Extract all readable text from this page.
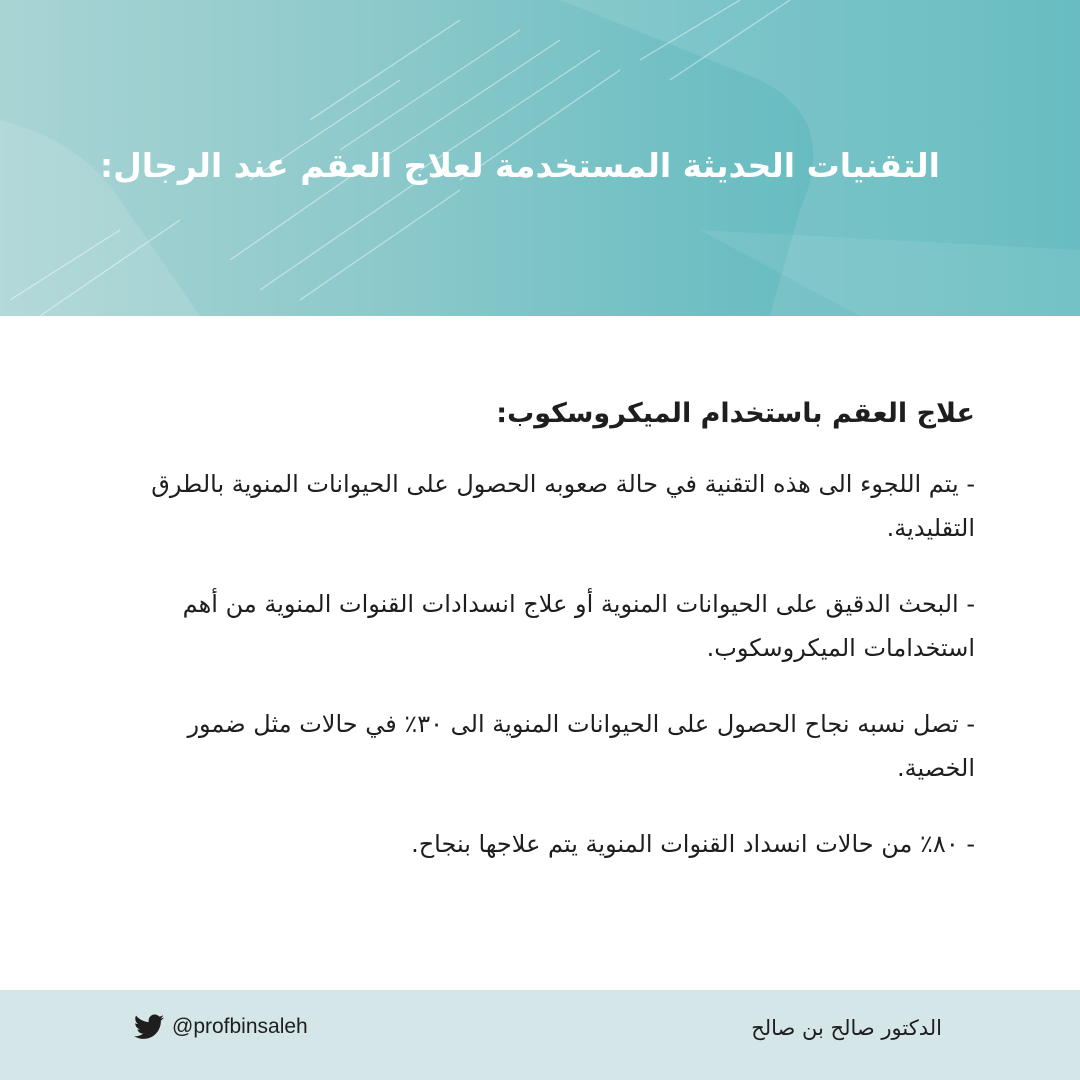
التقنيات الحديثة المستخدمة لعلاج العقم عند الرجال:
علاج العقم باستخدام الميكروسكوب:

- يتم اللجوء الى هذه التقنية في حالة صعوبه الحصول على الحيوانات المنوية بالطرق التقليدية.

- البحث الدقيق على الحيوانات المنوية أو علاج انسدادات القنوات المنوية من أهم استخدامات الميكروسكوب.

- تصل نسبه نجاح الحصول على الحيوانات المنوية الى ٣٠٪ في حالات مثل ضمور الخصية.

- ٨٠٪ من حالات انسداد القنوات المنوية يتم علاجها بنجاح.

@profbinsaleh	الدكتور صالح بن صالح
